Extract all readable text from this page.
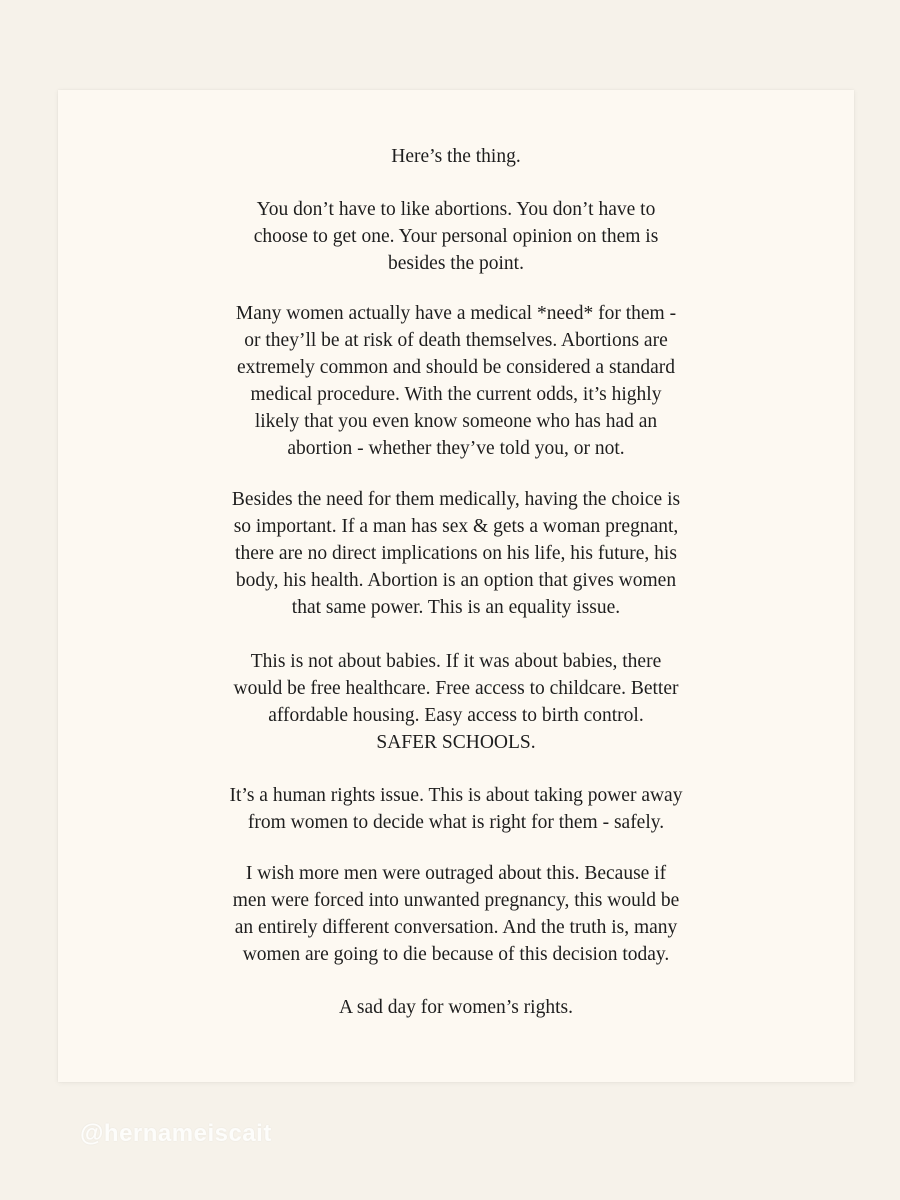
Here’s the thing.

You don’t have to like abortions. You don’t have to
choose to get one. Your personal opinion on them is
besides the point.

Many women actually have a medical *need* for them -
or they’ll be at risk of death themselves. Abortions are
extremely common and should be considered a standard
medical procedure. With the current odds, it’s highly
likely that you even know someone who has had an
abortion - whether they’ve told you, or not.

Besides the need for them medically, having the choice is
so important. If a man has sex & gets a woman pregnant,
there are no direct implications on his life, his future, his
body, his health. Abortion is an option that gives women
that same power. This is an equality issue.

This is not about babies. If it was about babies, there
would be free healthcare. Free access to childcare. Better
affordable housing. Easy access to birth control.
SAFER SCHOOLS.

It’s a human rights issue. This is about taking power away
from women to decide what is right for them - safely.

I wish more men were outraged about this. Because if
men were forced into unwanted pregnancy, this would be
an entirely different conversation. And the truth is, many
women are going to die because of this decision today.

A sad day for women’s rights.

@hernameiscait
